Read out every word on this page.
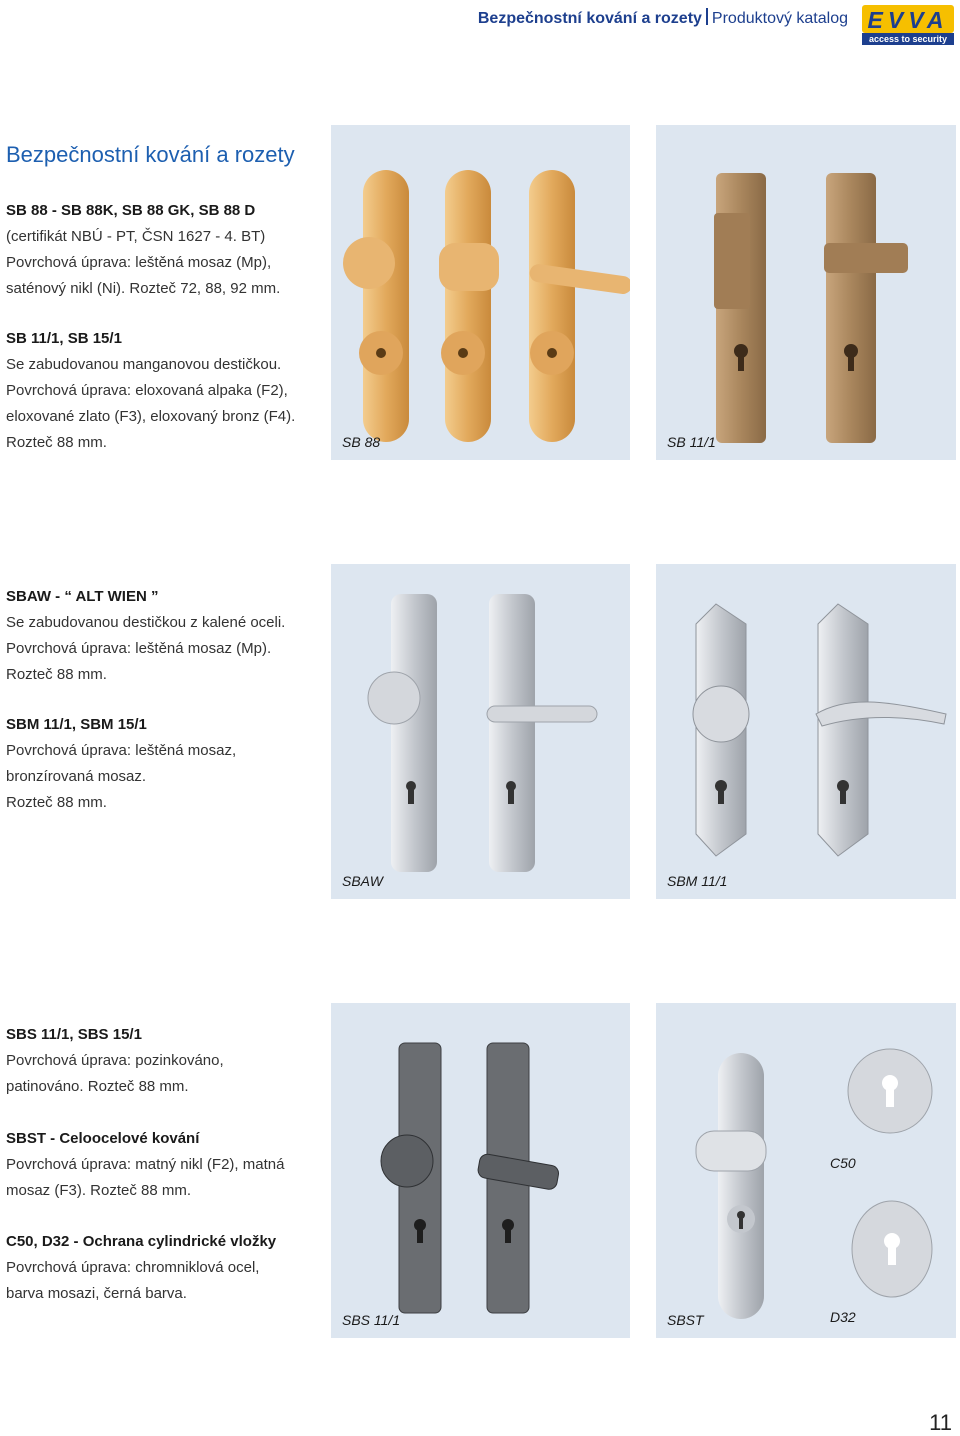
Bezpečnostní kování a rozety Produktový katalog EVVA
access to security
Bezpečnostní kování a rozety
SB 88 - SB 88K, SB 88 GK, SB 88 D
(certifikát NBÚ - PT, ČSN 1627 - 4. BT)
Povrchová úprava: leštěná mosaz (Mp),
saténový nikl (Ni). Rozteč 72, 88, 92 mm.
SB 11/1, SB 15/1
Se zabudovanou manganovou destičkou.
Povrchová úprava: eloxovaná alpaka (F2),
eloxované zlato (F3), eloxovaný bronz (F4).
Rozteč 88 mm.
SBAW - “ ALT WIEN ”
Se zabudovanou destičkou z kalené oceli.
Povrchová úprava: leštěná mosaz (Mp).
Rozteč 88 mm.
SBM 11/1, SBM 15/1
Povrchová úprava: leštěná mosaz,
bronzírovaná mosaz.
Rozteč 88 mm.
SBS 11/1, SBS 15/1
Povrchová úprava: pozinkováno,
patinováno. Rozteč 88 mm.
SBST - Celoocelové kování
Povrchová úprava: matný nikl (F2), matná
mosaz (F3). Rozteč 88 mm.
C50, D32 - Ochrana cylindrické vložky
Povrchová úprava: chromniklová ocel,
barva mosazi, černá barva.
SB 88	SB 11/1
SBAW	SBM 11/1
SBS 11/1	SBST
C50
D32
11
